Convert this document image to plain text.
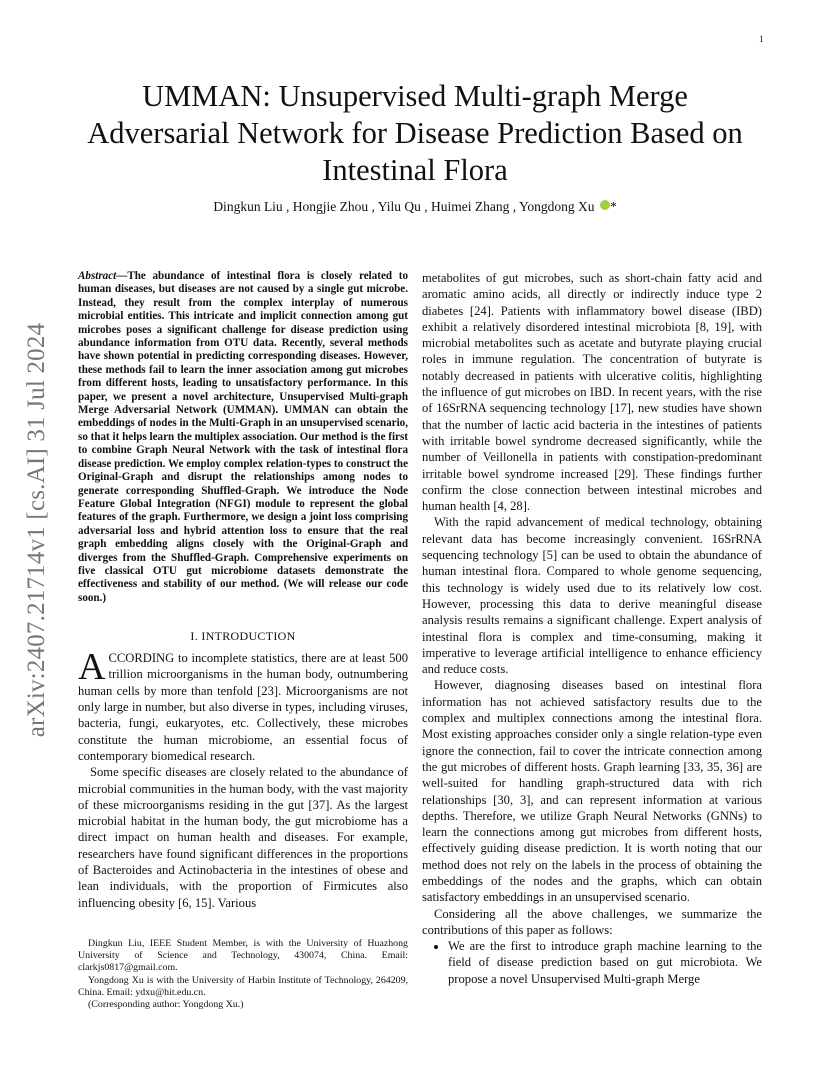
1
arXiv:2407.21714v1 [cs.AI] 31 Jul 2024
UMMAN: Unsupervised Multi-graph Merge Adversarial Network for Disease Prediction Based on Intestinal Flora
Dingkun Liu , Hongjie Zhou , Yilu Qu , Huimei Zhang , Yongdong Xu *

Abstract—The abundance of intestinal flora is closely related to human diseases, but diseases are not caused by a single gut microbe. Instead, they result from the complex interplay of numerous microbial entities. This intricate and implicit connection among gut microbes poses a significant challenge for disease prediction using abundance information from OTU data. Recently, several methods have shown potential in predicting corresponding diseases. However, these methods fail to learn the inner association among gut microbes from different hosts, leading to unsatisfactory performance. In this paper, we present a novel architecture, Unsupervised Multi-graph Merge Adversarial Network (UMMAN). UMMAN can obtain the embeddings of nodes in the Multi-Graph in an unsupervised scenario, so that it helps learn the multiplex association. Our method is the first to combine Graph Neural Network with the task of intestinal flora disease prediction. We employ complex relation-types to construct the Original-Graph and disrupt the relationships among nodes to generate corresponding Shuffled-Graph. We introduce the Node Feature Global Integration (NFGI) module to represent the global features of the graph. Furthermore, we design a joint loss comprising adversarial loss and hybrid attention loss to ensure that the real graph embedding aligns closely with the Original-Graph and diverges from the Shuffled-Graph. Comprehensive experiments on five classical OTU gut microbiome datasets demonstrate the effectiveness and stability of our method. (We will release our code soon.)

I. INTRODUCTION

ACCORDING to incomplete statistics, there are at least 500 trillion microorganisms in the human body, outnumbering human cells by more than tenfold [23]. Microorganisms are not only large in number, but also diverse in types, including viruses, bacteria, fungi, eukaryotes, etc. Collectively, these microbes constitute the human microbiome, an essential focus of contemporary biomedical research.

Some specific diseases are closely related to the abundance of microbial communities in the human body, with the vast majority of these microorganisms residing in the gut [37]. As the largest microbial habitat in the human body, the gut microbiome has a direct impact on human health and diseases. For example, researchers have found significant differences in the proportions of Bacteroides and Actinobacteria in the intestines of obese and lean individuals, with the proportion of Firmicutes also influencing obesity [6, 15]. Various

Dingkun Liu, IEEE Student Member, is with the University of Huazhong University of Science and Technology, 430074, China. Email: clarkjs0817@gmail.com.

Yongdong Xu is with the University of Harbin Institute of Technology, 264209, China. Email: ydxu@hit.edu.cn.

(Corresponding author: Yongdong Xu.)

metabolites of gut microbes, such as short-chain fatty acid and aromatic amino acids, all directly or indirectly induce type 2 diabetes [24]. Patients with inflammatory bowel disease (IBD) exhibit a relatively disordered intestinal microbiota [8, 19], with microbial metabolites such as acetate and butyrate playing crucial roles in immune regulation. The concentration of butyrate is notably decreased in patients with ulcerative colitis, highlighting the influence of gut microbes on IBD. In recent years, with the rise of 16SrRNA sequencing technology [17], new studies have shown that the number of lactic acid bacteria in the intestines of patients with irritable bowel syndrome decreased significantly, while the number of Veillonella in patients with constipation-predominant irritable bowel syndrome increased [29]. These findings further confirm the close connection between intestinal microbes and human health [4, 28].

With the rapid advancement of medical technology, obtaining relevant data has become increasingly convenient. 16SrRNA sequencing technology [5] can be used to obtain the abundance of human intestinal flora. Compared to whole genome sequencing, this technology is widely used due to its relatively low cost. However, processing this data to derive meaningful disease analysis results remains a significant challenge. Expert analysis of intestinal flora is complex and time-consuming, making it imperative to leverage artificial intelligence to enhance efficiency and reduce costs.

However, diagnosing diseases based on intestinal flora information has not achieved satisfactory results due to the complex and multiplex connections among the intestinal flora. Most existing approaches consider only a single relation-type even ignore the connection, fail to cover the intricate connection among the gut microbes of different hosts. Graph learning [33, 35, 36] are well-suited for handling graph-structured data with rich relationships [30, 3], and can represent information at various depths. Therefore, we utilize Graph Neural Networks (GNNs) to learn the connections among gut microbes from different hosts, effectively guiding disease prediction. It is worth noting that our method does not rely on the labels in the process of obtaining the embeddings of the nodes and the graphs, which can obtain satisfactory embeddings in an unsupervised scenario.

Considering all the above challenges, we summarize the contributions of this paper as follows:

• We are the first to introduce graph machine learning to the field of disease prediction based on gut microbiota. We propose a novel Unsupervised Multi-graph Merge
